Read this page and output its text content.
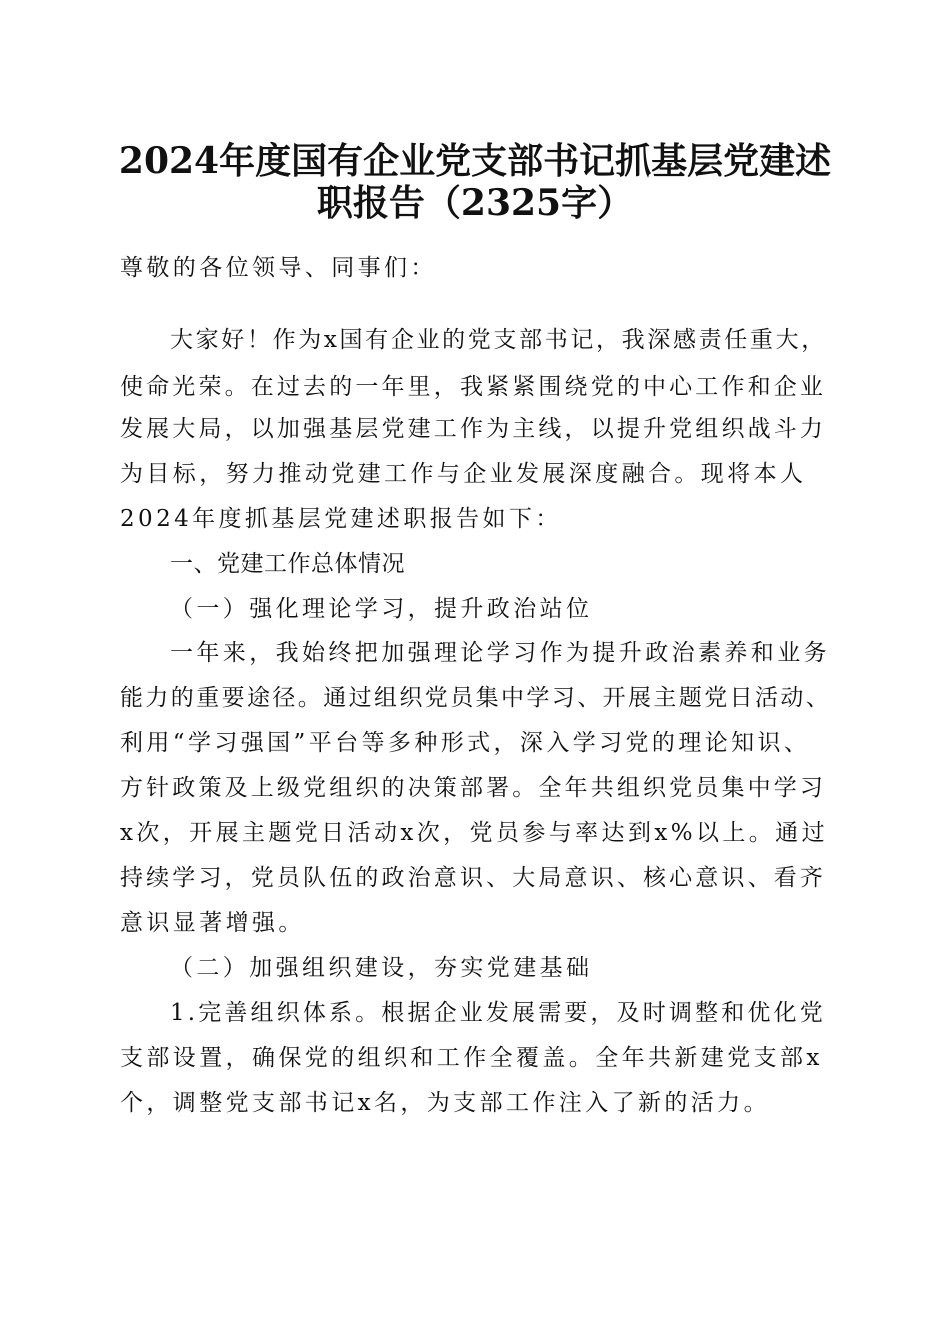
2024年度国有企业党支部书记抓基层党建述
职报告（2325字）

尊敬的各位领导、同事们：

大家好！作为x国有企业的党支部书记，我深感责任重大，

使命光荣。在过去的一年里，我紧紧围绕党的中心工作和企业

发展大局，以加强基层党建工作为主线，以提升党组织战斗力

为目标，努力推动党建工作与企业发展深度融合。现将本人

2024年度抓基层党建述职报告如下：

一、党建工作总体情况

（一）强化理论学习，提升政治站位

一年来，我始终把加强理论学习作为提升政治素养和业务

能力的重要途径。通过组织党员集中学习、开展主题党日活动、

利用“学习强国”平台等多种形式，深入学习党的理论知识、

方针政策及上级党组织的决策部署。全年共组织党员集中学习

x次，开展主题党日活动x次，党员参与率达到x%以上。通过

持续学习，党员队伍的政治意识、大局意识、核心意识、看齐

意识显著增强。

（二）加强组织建设，夯实党建基础

1.完善组织体系。根据企业发展需要，及时调整和优化党

支部设置，确保党的组织和工作全覆盖。全年共新建党支部x

个，调整党支部书记x名，为支部工作注入了新的活力。
